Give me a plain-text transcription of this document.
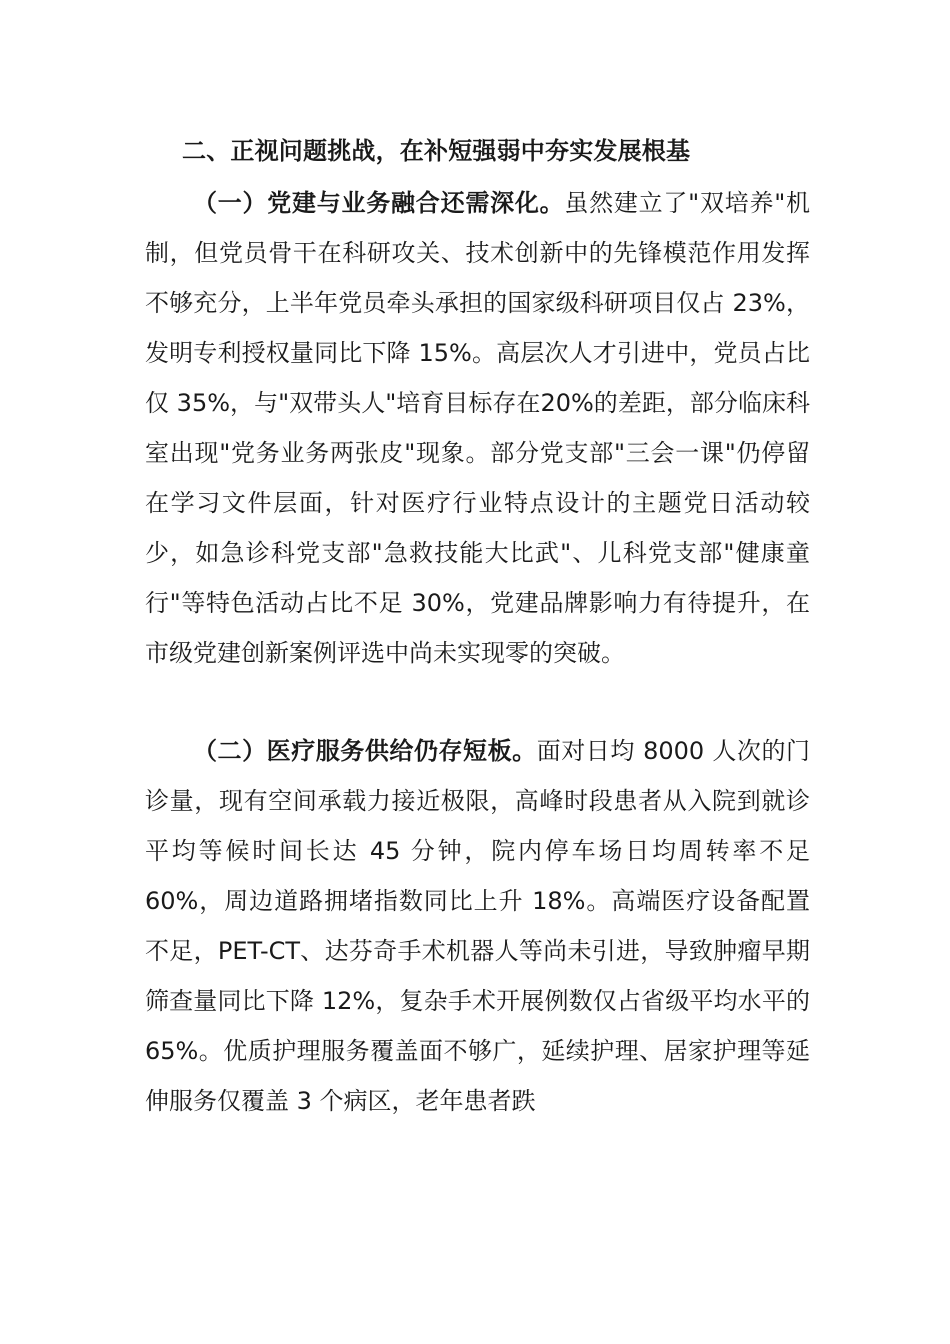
二、正视问题挑战，在补短强弱中夯实发展根基

（一）党建与业务融合还需深化。虽然建立了"双培养"机制，但党员骨干在科研攻关、技术创新中的先锋模范作用发挥不够充分，上半年党员牵头承担的国家级科研项目仅占 23%，发明专利授权量同比下降 15%。高层次人才引进中，党员占比仅 35%，与"双带头人"培育目标存在20%的差距，部分临床科室出现"党务业务两张皮"现象。部分党支部"三会一课"仍停留在学习文件层面，针对医疗行业特点设计的主题党日活动较少，如急诊科党支部"急救技能大比武"、儿科党支部"健康童行"等特色活动占比不足 30%，党建品牌影响力有待提升，在市级党建创新案例评选中尚未实现零的突破。

（二）医疗服务供给仍存短板。面对日均 8000 人次的门诊量，现有空间承载力接近极限，高峰时段患者从入院到就诊平均等候时间长达 45 分钟，院内停车场日均周转率不足 60%，周边道路拥堵指数同比上升 18%。高端医疗设备配置不足，PET-CT、达芬奇手术机器人等尚未引进，导致肿瘤早期筛查量同比下降 12%，复杂手术开展例数仅占省级平均水平的 65%。优质护理服务覆盖面不够广，延续护理、居家护理等延伸服务仅覆盖 3 个病区，老年患者跌
